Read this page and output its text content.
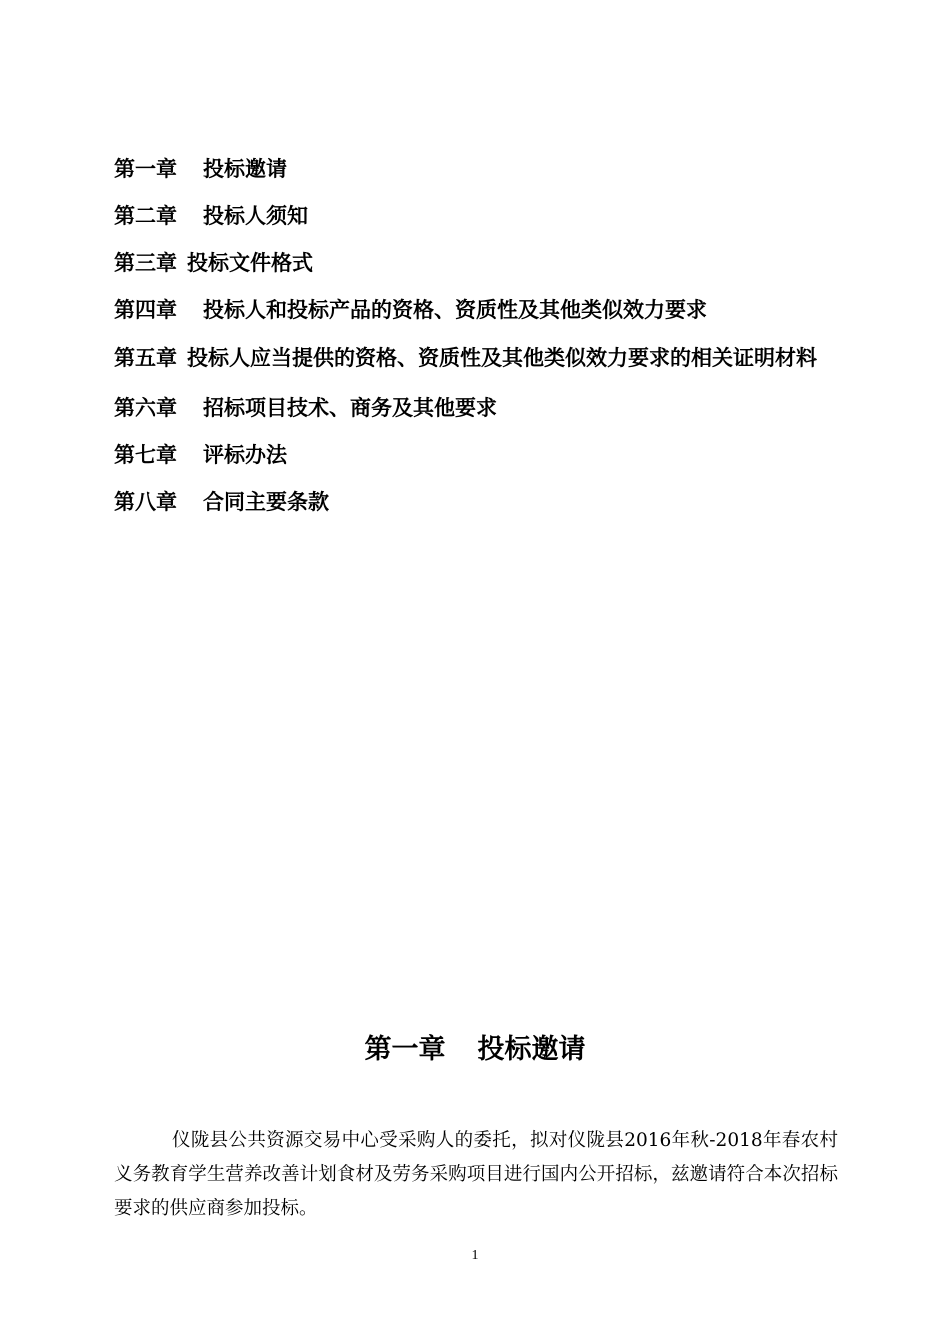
第一章 投标邀请
第二章 投标人须知
第三章 投标文件格式
第四章 投标人和投标产品的资格、资质性及其他类似效力要求
第五章 投标人应当提供的资格、资质性及其他类似效力要求的相关证明材料
第六章 招标项目技术、商务及其他要求
第七章 评标办法
第八章 合同主要条款
第一章 投标邀请

仪陇县公共资源交易中心受采购人的委托，拟对仪陇县2016年秋-2018年春农村义务教育学生营养改善计划食材及劳务采购项目进行国内公开招标，兹邀请符合本次招标要求的供应商参加投标。

1
